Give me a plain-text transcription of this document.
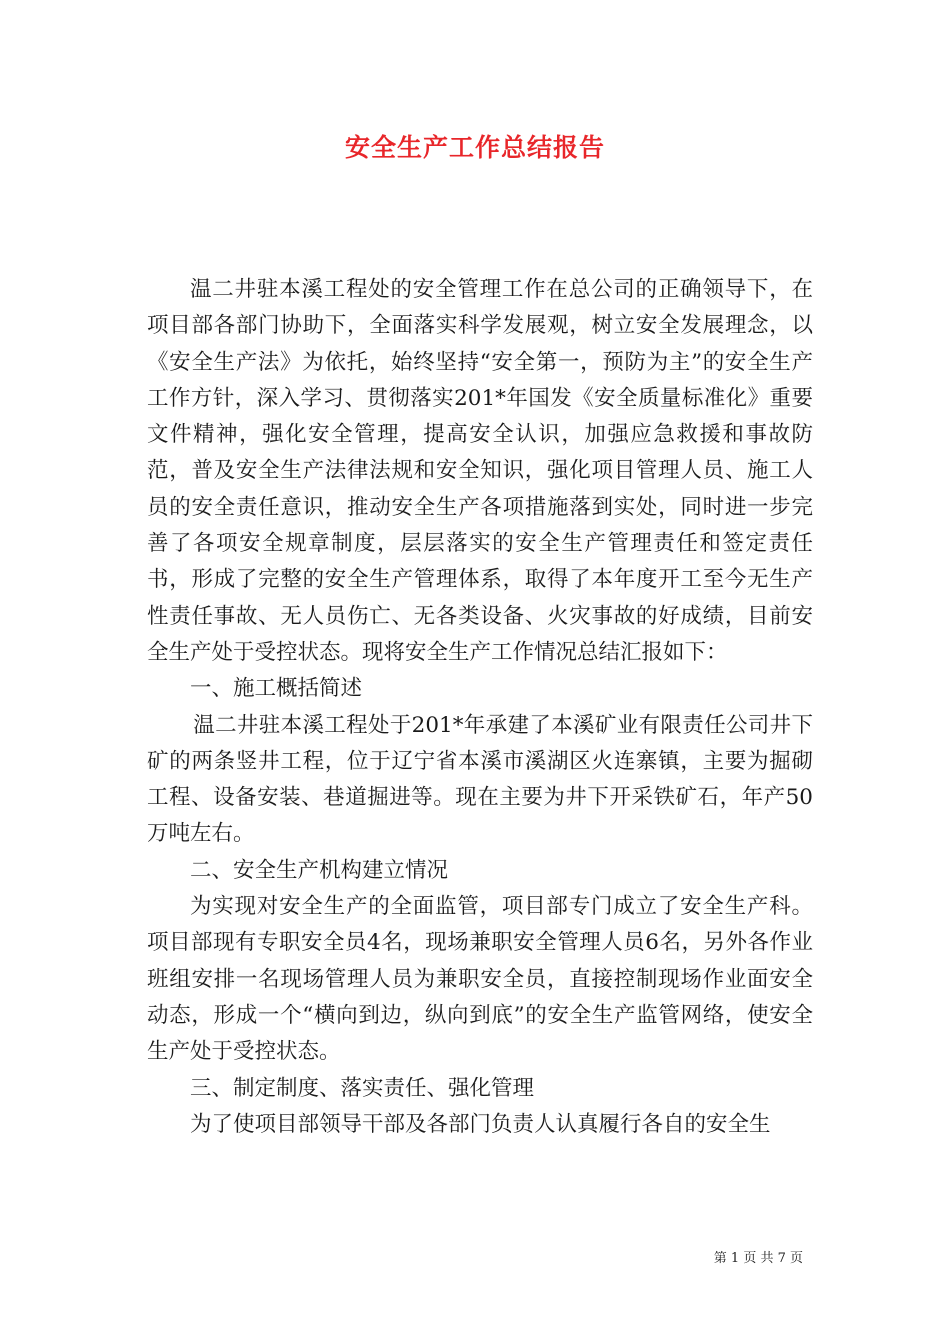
安全生产工作总结报告

温二井驻本溪工程处的安全管理工作在总公司的正确领导下，在项目部各部门协助下，全面落实科学发展观，树立安全发展理念，以《安全生产法》为依托，始终坚持“安全第一，预防为主”的安全生产工作方针，深入学习、贯彻落实201*年国发《安全质量标准化》重要文件精神，强化安全管理，提高安全认识，加强应急救援和事故防范，普及安全生产法律法规和安全知识，强化项目管理人员、施工人员的安全责任意识，推动安全生产各项措施落到实处，同时进一步完善了各项安全规章制度，层层落实的安全生产管理责任和签定责任书，形成了完整的安全生产管理体系，取得了本年度开工至今无生产性责任事故、无人员伤亡、无各类设备、火灾事故的好成绩，目前安全生产处于受控状态。现将安全生产工作情况总结汇报如下：

一、施工概括简述

温二井驻本溪工程处于201*年承建了本溪矿业有限责任公司井下矿的两条竖井工程，位于辽宁省本溪市溪湖区火连寨镇，主要为掘砌工程、设备安装、巷道掘进等。现在主要为井下开采铁矿石，年产50万吨左右。

二、安全生产机构建立情况

为实现对安全生产的全面监管，项目部专门成立了安全生产科。项目部现有专职安全员4名，现场兼职安全管理人员6名，另外各作业班组安排一名现场管理人员为兼职安全员，直接控制现场作业面安全动态，形成一个“横向到边，纵向到底”的安全生产监管网络，使安全生产处于受控状态。

三、制定制度、落实责任、强化管理

为了使项目部领导干部及各部门负责人认真履行各自的安全生

第 1 页 共 7 页
